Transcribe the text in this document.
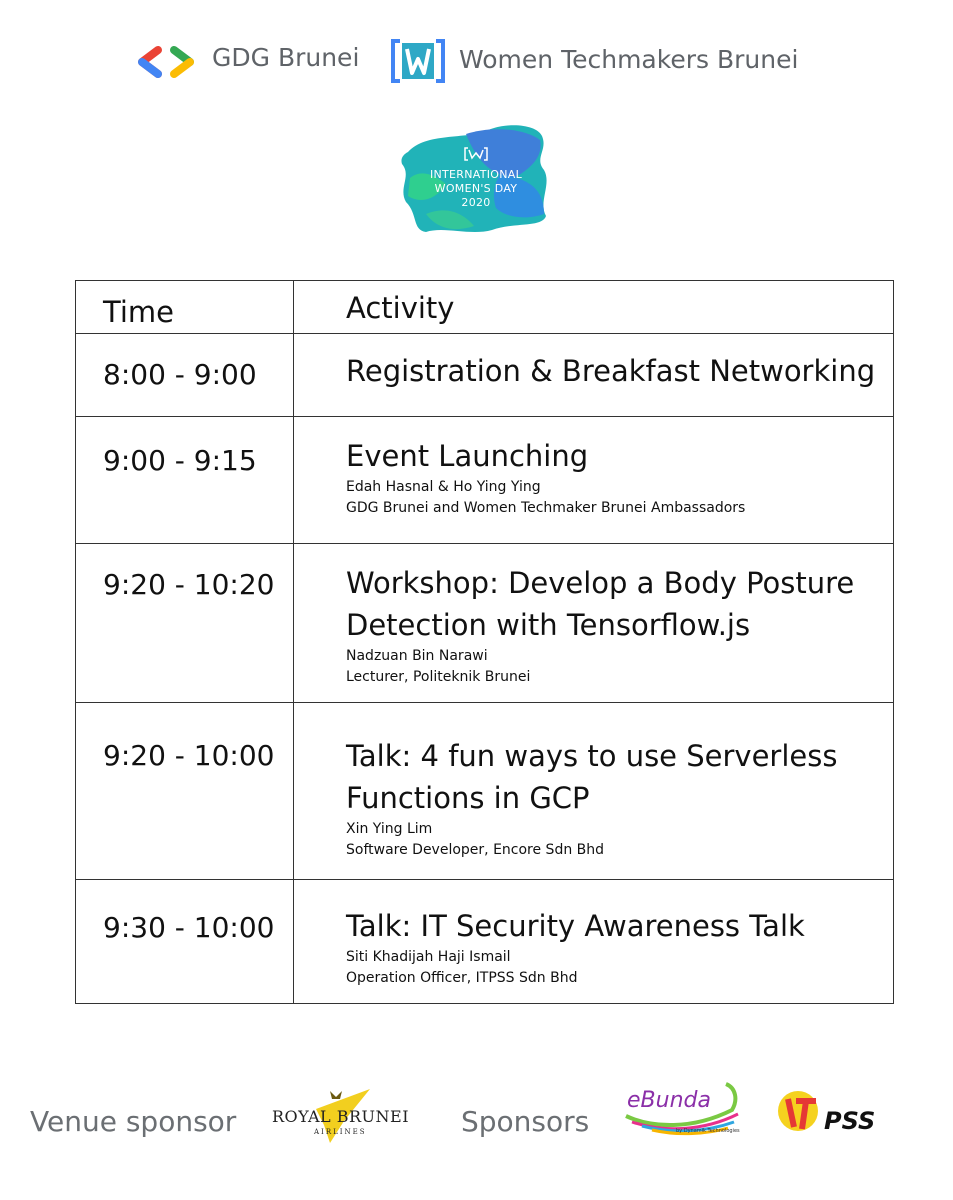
GDG Brunei	Women Techmakers Brunei
INTERNATIONAL
WOMEN'S DAY
2020
Time	Activity
8:00 - 9:00	Registration & Breakfast Networking

9:00 - 9:15	Event Launching
Edah Hasnal & Ho Ying Ying
GDG Brunei and Women Techmaker Brunei Ambassadors

9:20 - 10:20	Workshop: Develop a Body Posture Detection with Tensorflow.js
Nadzuan Bin Narawi
Lecturer, Politeknik Brunei

9:20 - 10:00	Talk: 4 fun ways to use Serverless Functions in GCP
Xin Ying Lim
Software Developer, Encore Sdn Bhd

9:30 - 10:00	Talk: IT Security Awareness Talk
Siti Khadijah Haji Ismail
Operation Officer, ITPSS Sdn Bhd
Venue sponsor ROYAL BRUNEI
AIRLINES	Sponsors
eBunda
by Dynamik Technologies	PSS
